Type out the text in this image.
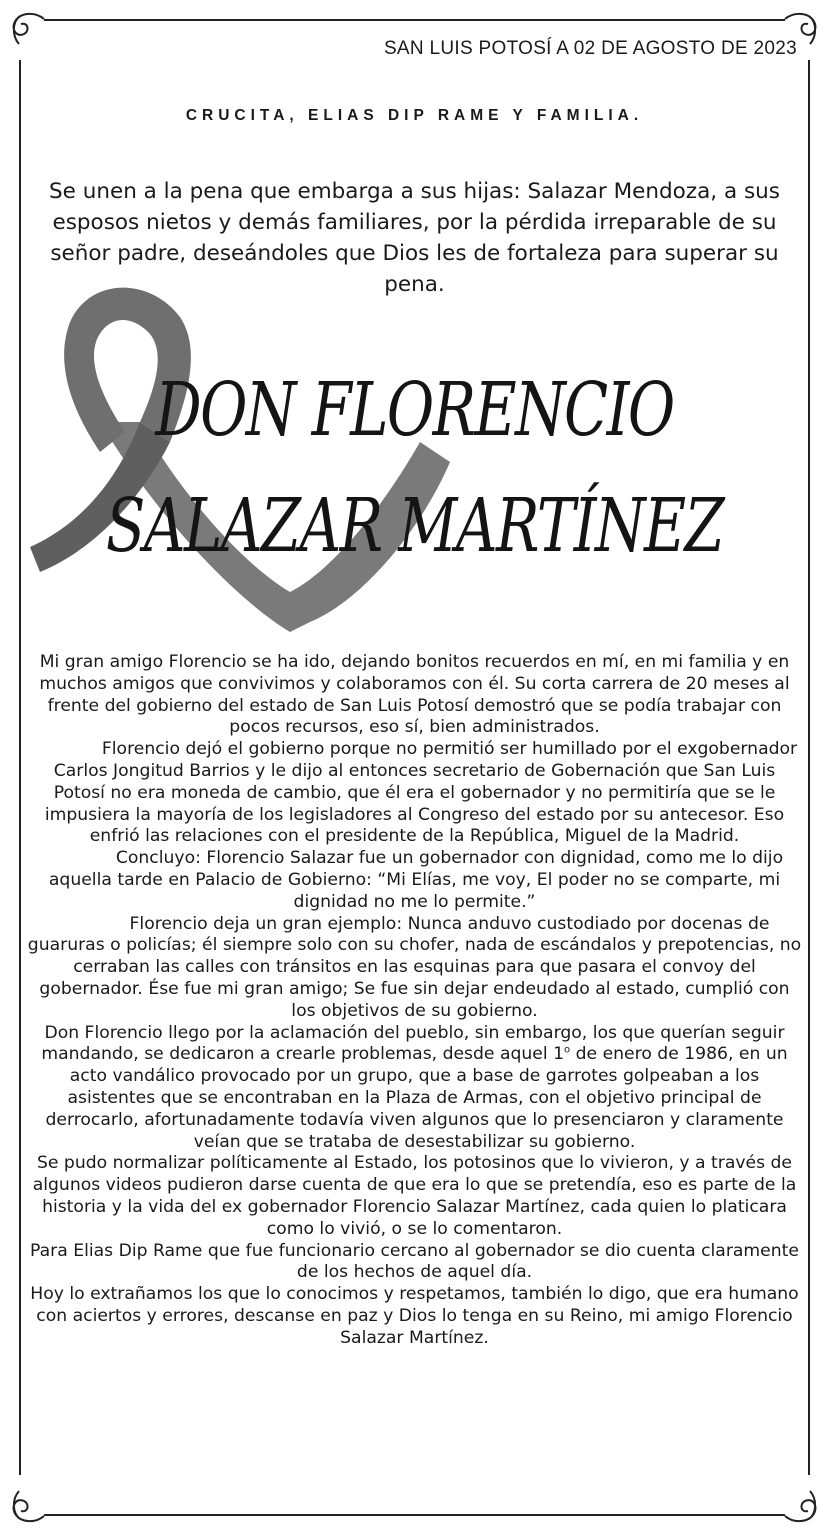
SAN LUIS POTOSÍ A 02 DE AGOSTO DE 2023
CRUCITA, ELIAS DIP RAME Y FAMILIA.
Se unen a la pena que embarga a sus hijas: Salazar Mendoza, a sus esposos nietos y demás familiares, por la pérdida irreparable de su señor padre, deseándoles que Dios les de fortaleza para superar su pena.
DON FLORENCIO
SALAZAR MARTÍNEZ

Mi gran amigo Florencio se ha ido, dejando bonitos recuerdos en mí, en mi familia y en muchos amigos que convivimos y colaboramos con él. Su corta carrera de 20 meses al frente del gobierno del estado de San Luis Potosí demostró que se podía trabajar con pocos recursos, eso sí, bien administrados.

Florencio dejó el gobierno porque no permitió ser humillado por el exgobernador Carlos Jongitud Barrios y le dijo al entonces secretario de Gobernación que San Luis Potosí no era moneda de cambio, que él era el gobernador y no permitiría que se le impusiera la mayoría de los legisladores al Congreso del estado por su antecesor. Eso enfrió las relaciones con el presidente de la República, Miguel de la Madrid.

Concluyo: Florencio Salazar fue un gobernador con dignidad, como me lo dijo aquella tarde en Palacio de Gobierno: “Mi Elías, me voy, El poder no se comparte, mi dignidad no me lo permite.”

Florencio deja un gran ejemplo: Nunca anduvo custodiado por docenas de guaruras o policías; él siempre solo con su chofer, nada de escándalos y prepotencias, no cerraban las calles con tránsitos en las esquinas para que pasara el convoy del gobernador. Ése fue mi gran amigo; Se fue sin dejar endeudado al estado, cumplió con los objetivos de su gobierno.

Don Florencio llego por la aclamación del pueblo, sin embargo, los que querían seguir mandando, se dedicaron a crearle problemas, desde aquel 1$^o$ de enero de 1986, en un acto vandálico provocado por un grupo, que a base de garrotes golpeaban a los asistentes que se encontraban en la Plaza de Armas, con el objetivo principal de derrocarlo, afortunadamente todavía viven algunos que lo presenciaron y claramente veían que se trataba de desestabilizar su gobierno.

Se pudo normalizar políticamente al Estado, los potosinos que lo vivieron, y a través de algunos videos pudieron darse cuenta de que era lo que se pretendía, eso es parte de la historia y la vida del ex gobernador Florencio Salazar Martínez, cada quien lo platicara como lo vivió, o se lo comentaron.

Para Elias Dip Rame que fue funcionario cercano al gobernador se dio cuenta claramente de los hechos de aquel día.

Hoy lo extrañamos los que lo conocimos y respetamos, también lo digo, que era humano con aciertos y errores, descanse en paz y Dios lo tenga en su Reino, mi amigo Florencio Salazar Martínez.
